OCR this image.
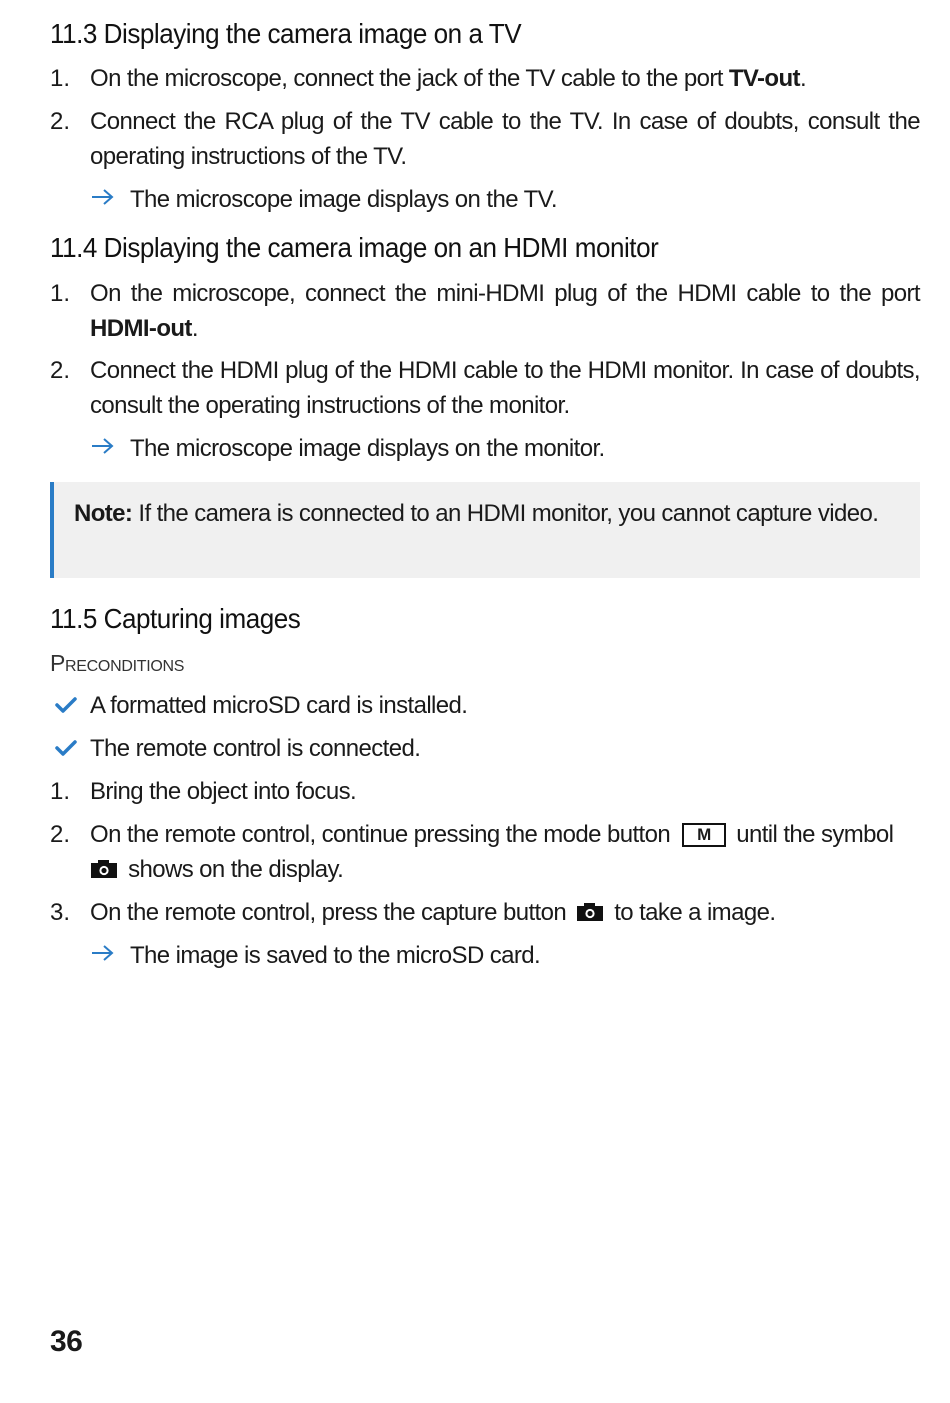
11.3 Displaying the camera image on a TV
1. On the microscope, connect the jack of the TV cable to the port TV-out.
2. Connect the RCA plug of the TV cable to the TV. In case of doubts, consult the operating instructions of the TV.
The microscope image displays on the TV.
11.4 Displaying the camera image on an HDMI monitor
1. On the microscope, connect the mini-HDMI plug of the HDMI cable to the port HDMI-out.
2. Connect the HDMI plug of the HDMI cable to the HDMI monitor. In case of doubts, consult the operating instructions of the monitor.
The microscope image displays on the monitor.
Note: If the camera is connected to an HDMI monitor, you cannot capture video.
11.5 Capturing images
Preconditions
A formatted microSD card is installed.
The remote control is connected.
1. Bring the object into focus.
2. On the remote control, continue pressing the mode button M until the symbol
shows on the display.
3. On the remote control, press the capture button  to take a image.
The image is saved to the microSD card.
36
